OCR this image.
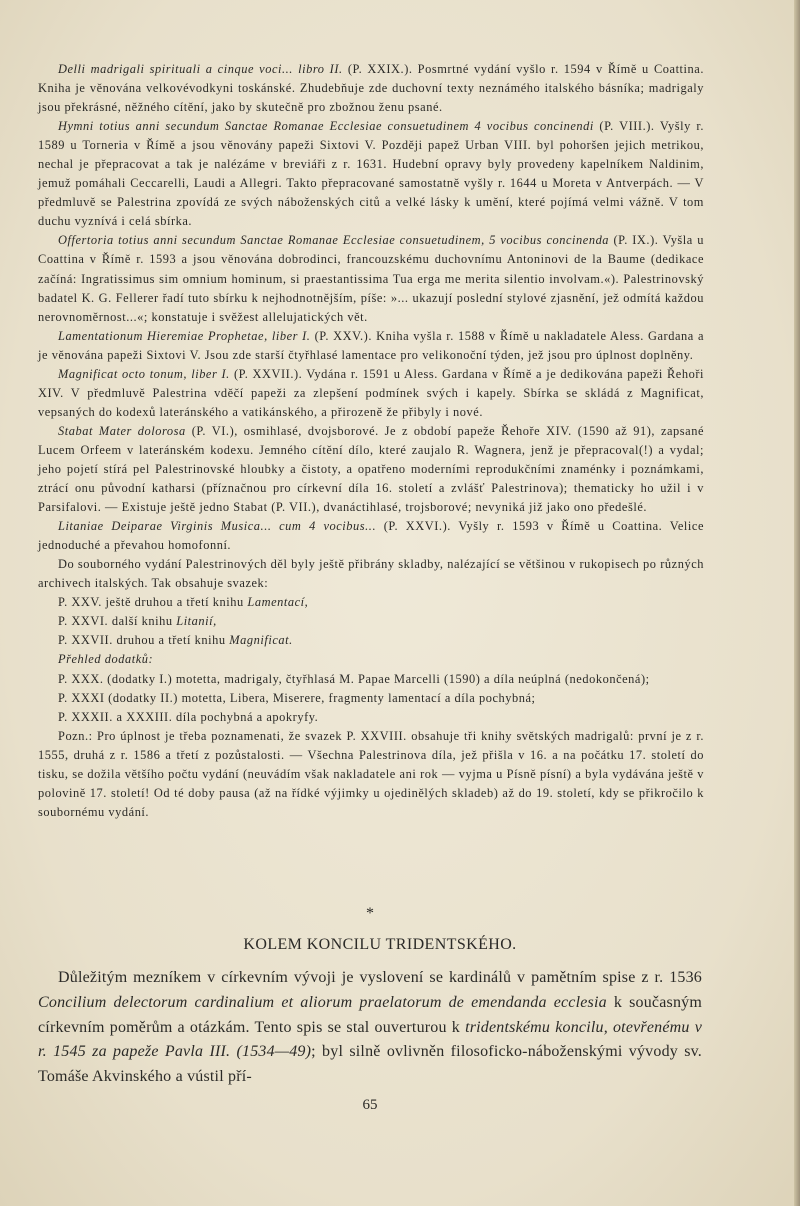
Delli madrigali spirituali a cinque voci... libro II. (P. XXIX.). Posmrtné vydání vyšlo r. 1594 v Římě u Coattina. Kniha je věnována velkovévodkyni toskánské. Zhudebňuje zde duchovní texty neznámého italského básníka; madrigaly jsou překrásné, něžného cítění, jako by skutečně pro zbožnou ženu psané.

Hymni totius anni secundum Sanctae Romanae Ecclesiae consuetudinem 4 vocibus concinendi (P. VIII.). Vyšly r. 1589 u Torneria v Římě a jsou věnovány papeži Sixtovi V. Později papež Urban VIII. byl pohoršen jejich metrikou, nechal je přepracovat a tak je nalézáme v breviáři z r. 1631. Hudební opravy byly provedeny kapelníkem Naldinim, jemuž pomáhali Ceccarelli, Laudi a Allegri. Takto přepracované samostatně vyšly r. 1644 u Moreta v Antverpách. — V předmluvě se Palestrina zpovídá ze svých náboženských citů a velké lásky k umění, které pojímá velmi vážně. V tom duchu vyznívá i celá sbírka.

Offertoria totius anni secundum Sanctae Romanae Ecclesiae consuetudinem, 5 vocibus concinenda (P. IX.). Vyšla u Coattina v Římě r. 1593 a jsou věnována dobrodinci, francouzskému duchovnímu Antoninovi de la Baume (dedikace začíná: Ingratissimus sim omnium hominum, si praestantissima Tua erga me merita silentio involvam.«). Palestrinovský badatel K. G. Fellerer řadí tuto sbírku k nejhodnotnějším, píše: »... ukazují poslední stylové zjasnění, jež odmítá každou nerovnoměrnost...«; konstatuje i svěžest allelujatických vět.

Lamentationum Hieremiae Prophetae, liber I. (P. XXV.). Kniha vyšla r. 1588 v Římě u nakladatele Aless. Gardana a je věnována papeži Sixtovi V. Jsou zde starší čtyřhlasé lamentace pro velikonoční týden, jež jsou pro úplnost doplněny.

Magnificat octo tonum, liber I. (P. XXVII.). Vydána r. 1591 u Aless. Gardana v Římě a je dedikována papeži Řehoři XIV. V předmluvě Palestrina vděčí papeži za zlepšení podmínek svých i kapely. Sbírka se skládá z Magnificat, vepsaných do kodexů lateránského a vatikánského, a přirozeně že přibyly i nové.

Stabat Mater dolorosa (P. VI.), osmihlasé, dvojsborové. Je z období papeže Řehoře XIV. (1590 až 91), zapsané Lucem Orfeem v lateránském kodexu. Jemného cítění dílo, které zaujalo R. Wagnera, jenž je přepracoval(!) a vydal; jeho pojetí stírá pel Palestrinovské hloubky a čistoty, a opatřeno moderními reprodukčními znaménky i poznámkami, ztrácí onu původní katharsi (příznačnou pro církevní díla 16. století a zvlášť Palestrinova); thematicky ho užil i v Parsifalovi. — Existuje ještě jedno Stabat (P. VII.), dvanáctihlasé, trojsborové; nevyniká již jako ono předešlé.

Litaniae Deiparae Virginis Musica... cum 4 vocibus... (P. XXVI.). Vyšly r. 1593 v Římě u Coattina. Velice jednoduché a převahou homofonní.

Do souborného vydání Palestrinových děl byly ještě přibrány skladby, nalézající se většinou v rukopisech po různých archivech italských. Tak obsahuje svazek:

P. XXV. ještě druhou a třetí knihu Lamentací,

P. XXVI. další knihu Litanií,

P. XXVII. druhou a třetí knihu Magnificat.

Přehled dodatků:

P. XXX. (dodatky I.) motetta, madrigaly, čtyřhlasá M. Papae Marcelli (1590) a díla neúplná (nedokončená);

P. XXXI (dodatky II.) motetta, Libera, Miserere, fragmenty lamentací a díla pochybná;

P. XXXII. a XXXIII. díla pochybná a apokryfy.

Pozn.: Pro úplnost je třeba poznamenati, že svazek P. XXVIII. obsahuje tři knihy světských madrigalů: první je z r. 1555, druhá z r. 1586 a třetí z pozůstalosti. — Všechna Palestrinova díla, jež přišla v 16. a na počátku 17. století do tisku, se dožila většího počtu vydání (neuvádím však nakladatele ani rok — vyjma u Písně písní) a byla vydávána ještě v polovině 17. století! Od té doby pausa (až na řídké výjimky u ojedinělých skladeb) až do 19. století, kdy se přikročilo k soubornému vydání.

*
KOLEM KONCILU TRIDENTSKÉHO.

Důležitým mezníkem v církevním vývoji je vyslovení se kardinálů v pamětním spise z r. 1536 Concilium delectorum cardinalium et aliorum praelatorum de emendanda ecclesia k současným církevním poměrům a otázkám. Tento spis se stal ouverturou k tridentskému koncilu, otevřenému v r. 1545 za papeže Pavla III. (1534—49); byl silně ovlivněn filosoficko-náboženskými vývody sv. Tomáše Akvinského a vústil pří-

65
